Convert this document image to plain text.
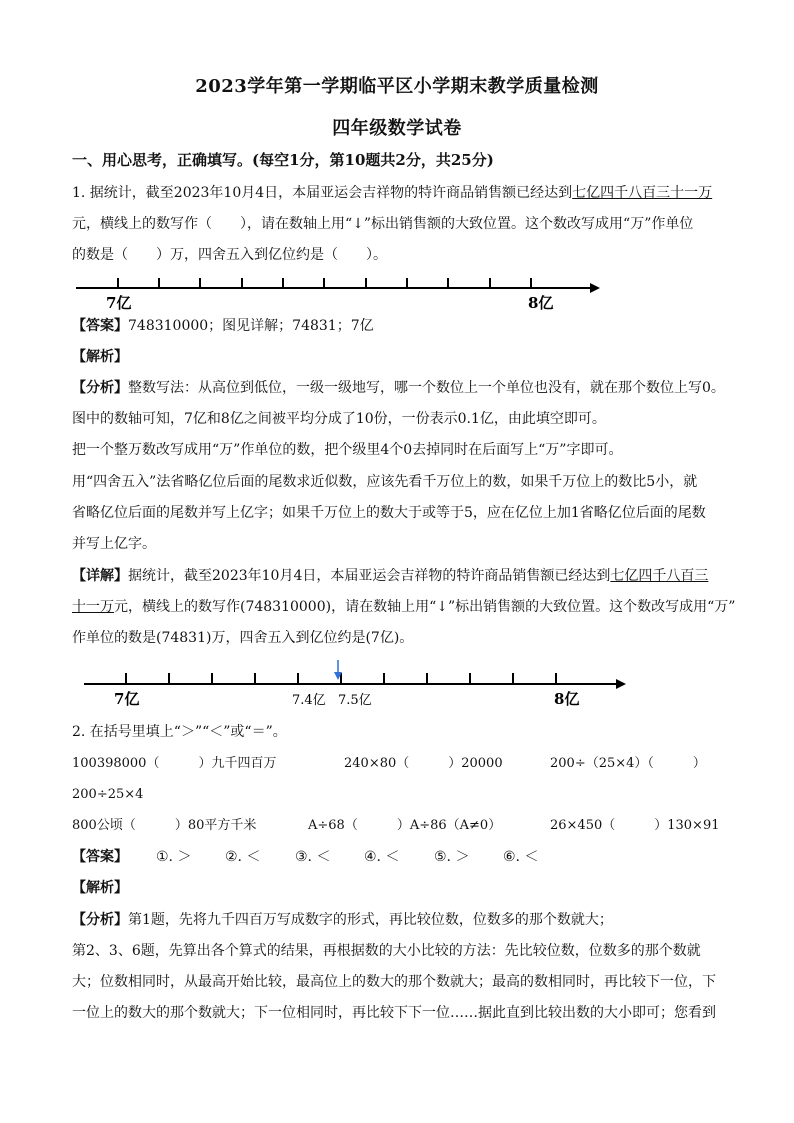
2023学年第一学期临平区小学期末教学质量检测
四年级数学试卷
一、用心思考，正确填写。(每空1分，第10题共2分，共25分)
1. 据统计，截至2023年10月4日，本届亚运会吉祥物的特许商品销售额已经达到七亿四千八百三十一万
元，横线上的数写作（　　），请在数轴上用“↓”标出销售额的大致位置。这个数改写成用“万”作单位
的数是（　　）万，四舍五入到亿位约是（　　）。
7亿	8亿
【答案】748310000；图见详解；74831；7亿
【解析】
【分析】整数写法：从高位到低位，一级一级地写，哪一个数位上一个单位也没有，就在那个数位上写0。
图中的数轴可知，7亿和8亿之间被平均分成了10份，一份表示0.1亿，由此填空即可。
把一个整万数改写成用“万”作单位的数，把个级里4个0去掉同时在后面写上“万”字即可。
用“四舍五入”法省略亿位后面的尾数求近似数，应该先看千万位上的数，如果千万位上的数比5小，就
省略亿位后面的尾数并写上亿字；如果千万位上的数大于或等于5，应在亿位上加1省略亿位后面的尾数
并写上亿字。
【详解】据统计，截至2023年10月4日，本届亚运会吉祥物的特许商品销售额已经达到七亿四千八百三
十一万元，横线上的数写作(748310000)，请在数轴上用“↓”标出销售额的大致位置。这个数改写成用“万”
作单位的数是(74831)万，四舍五入到亿位约是(7亿)。
7亿	7.4亿 7.5亿	8亿
2. 在括号里填上“＞”“＜”或“＝”。
100398000（　　　）九千四百万	240×80（　　　）20000	200÷（25×4）（　　　）
200÷25×4
800公顷（　　　）80平方千米	A÷68（　　　）A÷86（A≠0）	26×450（　　　）130×91
【答案】 ①. ＞ ②. ＜ ③. ＜ ④. ＜ ⑤. ＞ ⑥. ＜
【解析】
【分析】第1题，先将九千四百万写成数字的形式，再比较位数，位数多的那个数就大；
第2、3、6题，先算出各个算式的结果，再根据数的大小比较的方法：先比较位数，位数多的那个数就
大；位数相同时，从最高开始比较，最高位上的数大的那个数就大；最高的数相同时，再比较下一位，下
一位上的数大的那个数就大；下一位相同时，再比较下下一位……据此直到比较出数的大小即可；您看到
